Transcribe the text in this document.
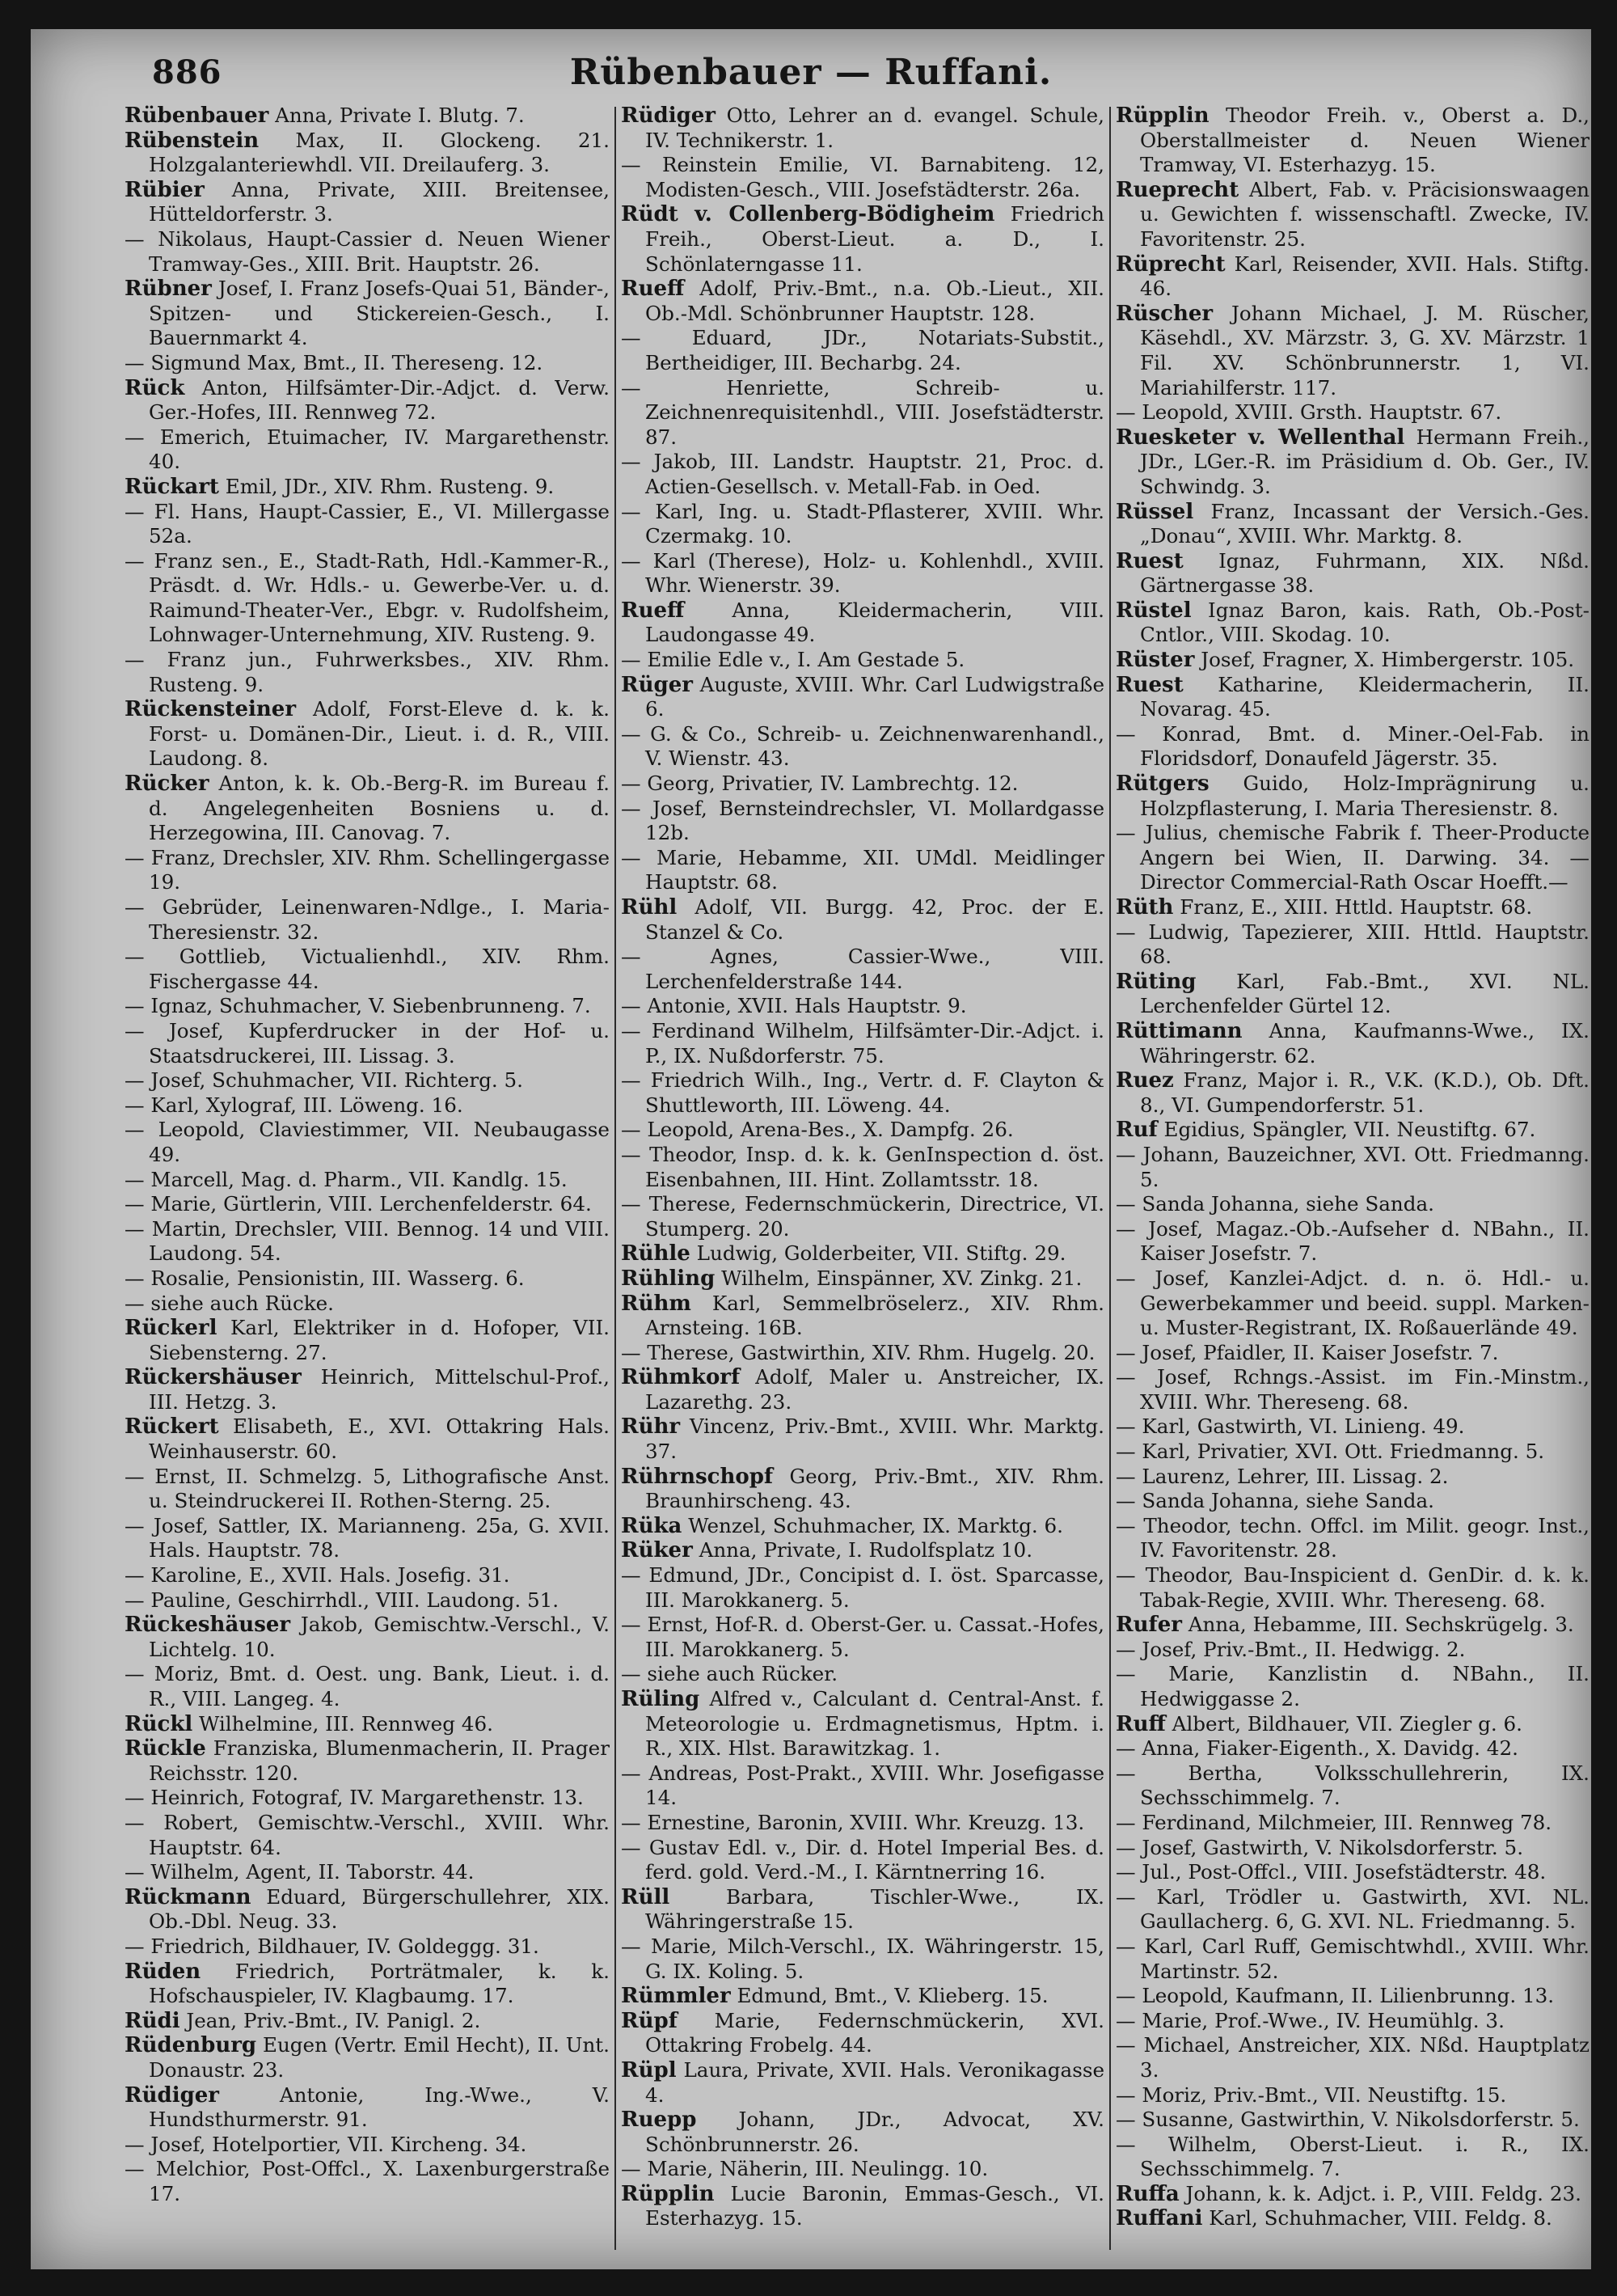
886	Rübenbauer — Ruffani.

Rübenbauer Anna, Private I. Blutg. 7.

Rübenstein Max, II. Glockeng. 21. Holzgalanteriewhdl. VII. Dreilauferg. 3.

Rübier Anna, Private, XIII. Breitensee, Hütteldorferstr. 3.

— Nikolaus, Haupt-Cassier d. Neuen Wiener Tramway-Ges., XIII. Brit. Hauptstr. 26.

Rübner Josef, I. Franz Josefs-Quai 51, Bänder-, Spitzen- und Stickereien-Gesch., I. Bauernmarkt 4.

— Sigmund Max, Bmt., II. Thereseng. 12.

Rück Anton, Hilfsämter-Dir.-Adjct. d. Verw. Ger.-Hofes, III. Rennweg 72.

— Emerich, Etuimacher, IV. Margarethenstr. 40.

Rückart Emil, JDr., XIV. Rhm. Rusteng. 9.

— Fl. Hans, Haupt-Cassier, E., VI. Millergasse 52a.

— Franz sen., E., Stadt-Rath, Hdl.-Kammer-R., Präsdt. d. Wr. Hdls.- u. Gewerbe-Ver. u. d. Raimund-Theater-Ver., Ebgr. v. Rudolfsheim, Lohnwager-Unternehmung, XIV. Rusteng. 9.

— Franz jun., Fuhrwerksbes., XIV. Rhm. Rusteng. 9.

Rückensteiner Adolf, Forst-Eleve d. k. k. Forst- u. Domänen-Dir., Lieut. i. d. R., VIII. Laudong. 8.

Rücker Anton, k. k. Ob.-Berg-R. im Bureau f. d. Angelegenheiten Bosniens u. d. Herzegowina, III. Canovag. 7.

— Franz, Drechsler, XIV. Rhm. Schellingergasse 19.

— Gebrüder, Leinenwaren-Ndlge., I. Maria-Theresienstr. 32.

— Gottlieb, Victualienhdl., XIV. Rhm. Fischergasse 44.

— Ignaz, Schuhmacher, V. Siebenbrunneng. 7.

— Josef, Kupferdrucker in der Hof- u. Staatsdruckerei, III. Lissag. 3.

— Josef, Schuhmacher, VII. Richterg. 5.

— Karl, Xylograf, III. Löweng. 16.

— Leopold, Claviestimmer, VII. Neubaugasse 49.

— Marcell, Mag. d. Pharm., VII. Kandlg. 15.

— Marie, Gürtlerin, VIII. Lerchenfelderstr. 64.

— Martin, Drechsler, VIII. Bennog. 14 und VIII. Laudong. 54.

— Rosalie, Pensionistin, III. Wasserg. 6.

— siehe auch Rücke.

Rückerl Karl, Elektriker in d. Hofoper, VII. Siebensterng. 27.

Rückershäuser Heinrich, Mittelschul-Prof., III. Hetzg. 3.

Rückert Elisabeth, E., XVI. Ottakring Hals. Weinhauserstr. 60.

— Ernst, II. Schmelzg. 5, Lithografische Anst. u. Steindruckerei II. Rothen-Sterng. 25.

— Josef, Sattler, IX. Marianneng. 25a, G. XVII. Hals. Hauptstr. 78.

— Karoline, E., XVII. Hals. Josefig. 31.

— Pauline, Geschirrhdl., VIII. Laudong. 51.

Rückeshäuser Jakob, Gemischtw.-Verschl., V. Lichtelg. 10.

— Moriz, Bmt. d. Oest. ung. Bank, Lieut. i. d. R., VIII. Langeg. 4.

Rückl Wilhelmine, III. Rennweg 46.

Rückle Franziska, Blumenmacherin, II. Prager Reichsstr. 120.

— Heinrich, Fotograf, IV. Margarethenstr. 13.

— Robert, Gemischtw.-Verschl., XVIII. Whr. Hauptstr. 64.

— Wilhelm, Agent, II. Taborstr. 44.

Rückmann Eduard, Bürgerschullehrer, XIX. Ob.-Dbl. Neug. 33.

— Friedrich, Bildhauer, IV. Goldeggg. 31.

Rüden Friedrich, Porträtmaler, k. k. Hofschauspieler, IV. Klagbaumg. 17.

Rüdi Jean, Priv.-Bmt., IV. Panigl. 2.

Rüdenburg Eugen (Vertr. Emil Hecht), II. Unt. Donaustr. 23.

Rüdiger Antonie, Ing.-Wwe., V. Hundsthurmerstr. 91.

— Josef, Hotelportier, VII. Kircheng. 34.

— Melchior, Post-Offcl., X. Laxenburgerstraße 17.

Rüdiger Otto, Lehrer an d. evangel. Schule, IV. Technikerstr. 1.

— Reinstein Emilie, VI. Barnabiteng. 12, Modisten-Gesch., VIII. Josefstädterstr. 26a.

Rüdt v. Collenberg-Bödigheim Friedrich Freih., Oberst-Lieut. a. D., I. Schönlaterngasse 11.

Rueff Adolf, Priv.-Bmt., n.a. Ob.-Lieut., XII. Ob.-Mdl. Schönbrunner Hauptstr. 128.

— Eduard, JDr., Notariats-Substit., Bertheidiger, III. Becharbg. 24.

— Henriette, Schreib- u. Zeichnenrequisitenhdl., VIII. Josefstädterstr. 87.

— Jakob, III. Landstr. Hauptstr. 21, Proc. d. Actien-Gesellsch. v. Metall-Fab. in Oed.

— Karl, Ing. u. Stadt-Pflasterer, XVIII. Whr. Czermakg. 10.

— Karl (Therese), Holz- u. Kohlenhdl., XVIII. Whr. Wienerstr. 39.

Rueff Anna, Kleidermacherin, VIII. Laudongasse 49.

— Emilie Edle v., I. Am Gestade 5.

Rüger Auguste, XVIII. Whr. Carl Ludwigstraße 6.

— G. & Co., Schreib- u. Zeichnenwarenhandl., V. Wienstr. 43.

— Georg, Privatier, IV. Lambrechtg. 12.

— Josef, Bernsteindrechsler, VI. Mollardgasse 12b.

— Marie, Hebamme, XII. UMdl. Meidlinger Hauptstr. 68.

Rühl Adolf, VII. Burgg. 42, Proc. der E. Stanzel & Co.

— Agnes, Cassier-Wwe., VIII. Lerchenfelderstraße 144.

— Antonie, XVII. Hals Hauptstr. 9.

— Ferdinand Wilhelm, Hilfsämter-Dir.-Adjct. i. P., IX. Nußdorferstr. 75.

— Friedrich Wilh., Ing., Vertr. d. F. Clayton & Shuttleworth, III. Löweng. 44.

— Leopold, Arena-Bes., X. Dampfg. 26.

— Theodor, Insp. d. k. k. GenInspection d. öst. Eisenbahnen, III. Hint. Zollamtsstr. 18.

— Therese, Federnschmückerin, Directrice, VI. Stumperg. 20.

Rühle Ludwig, Golderbeiter, VII. Stiftg. 29.

Rühling Wilhelm, Einspänner, XV. Zinkg. 21.

Rühm Karl, Semmelbröselerz., XIV. Rhm. Arnsteing. 16B.

— Therese, Gastwirthin, XIV. Rhm. Hugelg. 20.

Rühmkorf Adolf, Maler u. Anstreicher, IX. Lazarethg. 23.

Rühr Vincenz, Priv.-Bmt., XVIII. Whr. Marktg. 37.

Rührnschopf Georg, Priv.-Bmt., XIV. Rhm. Braunhirscheng. 43.

Rüka Wenzel, Schuhmacher, IX. Marktg. 6.

Rüker Anna, Private, I. Rudolfsplatz 10.

— Edmund, JDr., Concipist d. I. öst. Sparcasse, III. Marokkanerg. 5.

— Ernst, Hof-R. d. Oberst-Ger. u. Cassat.-Hofes, III. Marokkanerg. 5.

— siehe auch Rücker.

Rüling Alfred v., Calculant d. Central-Anst. f. Meteorologie u. Erdmagnetismus, Hptm. i. R., XIX. Hlst. Barawitzkag. 1.

— Andreas, Post-Prakt., XVIII. Whr. Josefigasse 14.

— Ernestine, Baronin, XVIII. Whr. Kreuzg. 13.

— Gustav Edl. v., Dir. d. Hotel Imperial Bes. d. ferd. gold. Verd.-M., I. Kärntnerring 16.

Rüll Barbara, Tischler-Wwe., IX. Währingerstraße 15.

— Marie, Milch-Verschl., IX. Währingerstr. 15, G. IX. Koling. 5.

Rümmler Edmund, Bmt., V. Klieberg. 15.

Rüpf Marie, Federnschmückerin, XVI. Ottakring Frobelg. 44.

Rüpl Laura, Private, XVII. Hals. Veronikagasse 4.

Ruepp Johann, JDr., Advocat, XV. Schönbrunnerstr. 26.

— Marie, Näherin, III. Neulingg. 10.

Rüpplin Lucie Baronin, Emmas-Gesch., VI. Esterhazyg. 15.

Rüpplin Theodor Freih. v., Oberst a. D., Oberstallmeister d. Neuen Wiener Tramway, VI. Esterhazyg. 15.

Rueprecht Albert, Fab. v. Präcisionswaagen u. Gewichten f. wissenschaftl. Zwecke, IV. Favoritenstr. 25.

Rüprecht Karl, Reisender, XVII. Hals. Stiftg. 46.

Rüscher Johann Michael, J. M. Rüscher, Käsehdl., XV. Märzstr. 3, G. XV. Märzstr. 1 Fil. XV. Schönbrunnerstr. 1, VI. Mariahilferstr. 117.

— Leopold, XVIII. Grsth. Hauptstr. 67.

Ruesketer v. Wellenthal Hermann Freih., JDr., LGer.-R. im Präsidium d. Ob. Ger., IV. Schwindg. 3.

Rüssel Franz, Incassant der Versich.-Ges. „Donau“, XVIII. Whr. Marktg. 8.

Ruest Ignaz, Fuhrmann, XIX. Nßd. Gärtnergasse 38.

Rüstel Ignaz Baron, kais. Rath, Ob.-Post-Cntlor., VIII. Skodag. 10.

Rüster Josef, Fragner, X. Himbergerstr. 105.

Ruest Katharine, Kleidermacherin, II. Novarag. 45.

— Konrad, Bmt. d. Miner.-Oel-Fab. in Floridsdorf, Donaufeld Jägerstr. 35.

Rütgers Guido, Holz-Imprägnirung u. Holzpflasterung, I. Maria Theresienstr. 8.

— Julius, chemische Fabrik f. Theer-Producte Angern bei Wien, II. Darwing. 34. —Director Commercial-Rath Oscar Hoefft.—

Rüth Franz, E., XIII. Httld. Hauptstr. 68.

— Ludwig, Tapezierer, XIII. Httld. Hauptstr. 68.

Rüting Karl, Fab.-Bmt., XVI. NL. Lerchenfelder Gürtel 12.

Rüttimann Anna, Kaufmanns-Wwe., IX. Währingerstr. 62.

Ruez Franz, Major i. R., V.K. (K.D.), Ob. Dft. 8., VI. Gumpendorferstr. 51.

Ruf Egidius, Spängler, VII. Neustiftg. 67.

— Johann, Bauzeichner, XVI. Ott. Friedmanng. 5.

— Sanda Johanna, siehe Sanda.

— Josef, Magaz.-Ob.-Aufseher d. NBahn., II. Kaiser Josefstr. 7.

— Josef, Kanzlei-Adjct. d. n. ö. Hdl.- u. Gewerbekammer und beeid. suppl. Marken- u. Muster-Registrant, IX. Roßauerlände 49.

— Josef, Pfaidler, II. Kaiser Josefstr. 7.

— Josef, Rchngs.-Assist. im Fin.-Minstm., XVIII. Whr. Thereseng. 68.

— Karl, Gastwirth, VI. Linieng. 49.

— Karl, Privatier, XVI. Ott. Friedmanng. 5.

— Laurenz, Lehrer, III. Lissag. 2.

— Sanda Johanna, siehe Sanda.

— Theodor, techn. Offcl. im Milit. geogr. Inst., IV. Favoritenstr. 28.

— Theodor, Bau-Inspicient d. GenDir. d. k. k. Tabak-Regie, XVIII. Whr. Thereseng. 68.

Rufer Anna, Hebamme, III. Sechskrügelg. 3.

— Josef, Priv.-Bmt., II. Hedwigg. 2.

— Marie, Kanzlistin d. NBahn., II. Hedwiggasse 2.

Ruff Albert, Bildhauer, VII. Ziegler g. 6.

— Anna, Fiaker-Eigenth., X. Davidg. 42.

— Bertha, Volksschullehrerin, IX. Sechsschimmelg. 7.

— Ferdinand, Milchmeier, III. Rennweg 78.

— Josef, Gastwirth, V. Nikolsdorferstr. 5.

— Jul., Post-Offcl., VIII. Josefstädterstr. 48.

— Karl, Trödler u. Gastwirth, XVI. NL. Gaullacherg. 6, G. XVI. NL. Friedmanng. 5.

— Karl, Carl Ruff, Gemischtwhdl., XVIII. Whr. Martinstr. 52.

— Leopold, Kaufmann, II. Lilienbrunng. 13.

— Marie, Prof.-Wwe., IV. Heumühlg. 3.

— Michael, Anstreicher, XIX. Nßd. Hauptplatz 3.

— Moriz, Priv.-Bmt., VII. Neustiftg. 15.

— Susanne, Gastwirthin, V. Nikolsdorferstr. 5.

— Wilhelm, Oberst-Lieut. i. R., IX. Sechsschimmelg. 7.

Ruffa Johann, k. k. Adjct. i. P., VIII. Feldg. 23.

Ruffani Karl, Schuhmacher, VIII. Feldg. 8.
